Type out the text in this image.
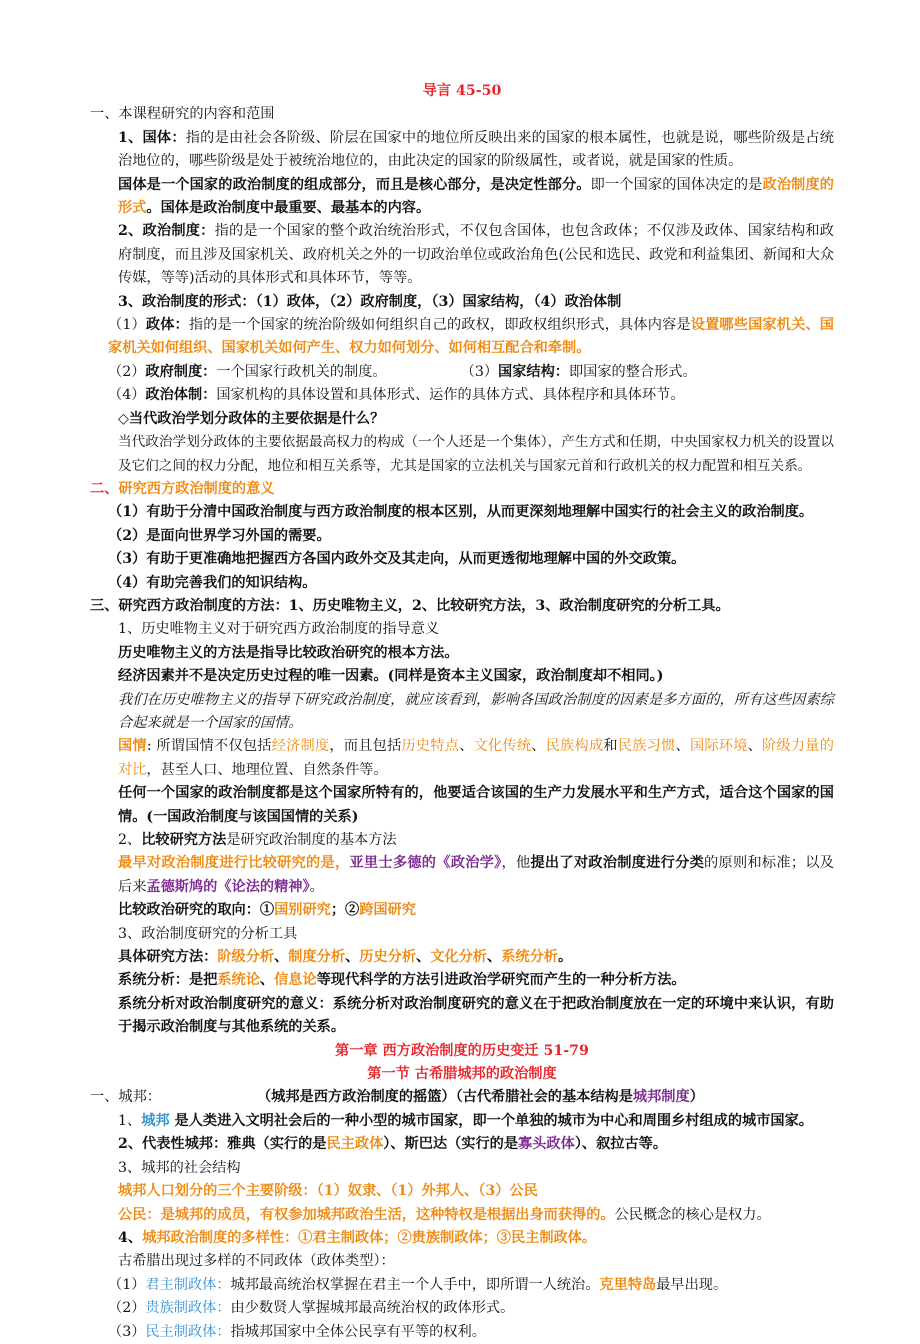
导言 45-50
一、本课程研究的内容和范围
1、国体：指的是由社会各阶级、阶层在国家中的地位所反映出来的国家的根本属性，也就是说，哪些阶级是占统治地位的，哪些阶级是处于被统治地位的，由此决定的国家的阶级属性，或者说，就是国家的性质。
国体是一个国家的政治制度的组成部分，而且是核心部分，是决定性部分。即一个国家的国体决定的是政治制度的形式。国体是政治制度中最重要、最基本的内容。
2、政治制度：指的是一个国家的整个政治统治形式，不仅包含国体，也包含政体；不仅涉及政体、国家结构和政府制度，而且涉及国家机关、政府机关之外的一切政治单位或政治角色(公民和选民、政党和利益集团、新闻和大众传媒，等等)活动的具体形式和具体环节，等等。
3、政治制度的形式：（1）政体，（2）政府制度，（3）国家结构，（4）政治体制
（1）政体：指的是一个国家的统治阶级如何组织自己的政权，即政权组织形式，具体内容是设置哪些国家机关、国家机关如何组织、国家机关如何产生、权力如何划分、如何相互配合和牵制。
（2）政府制度：一个国家行政机关的制度。	（3）国家结构：即国家的整合形式。
（4）政治体制：国家机构的具体设置和具体形式、运作的具体方式、具体程序和具体环节。
◇当代政治学划分政体的主要依据是什么？
当代政治学划分政体的主要依据最高权力的构成（一个人还是一个集体），产生方式和任期，中央国家权力机关的设置以及它们之间的权力分配，地位和相互关系等，尤其是国家的立法机关与国家元首和行政机关的权力配置和相互关系。
二、研究西方政治制度的意义
（1）有助于分清中国政治制度与西方政治制度的根本区别，从而更深刻地理解中国实行的社会主义的政治制度。
（2）是面向世界学习外国的需要。
（3）有助于更准确地把握西方各国内政外交及其走向，从而更透彻地理解中国的外交政策。
（4）有助完善我们的知识结构。
三、研究西方政治制度的方法：1、历史唯物主义，2、比较研究方法，3、政治制度研究的分析工具。
1、历史唯物主义对于研究西方政治制度的指导意义
历史唯物主义的方法是指导比较政治研究的根本方法。
经济因素并不是决定历史过程的唯一因素。(同样是资本主义国家，政治制度却不相同。)
我们在历史唯物主义的指导下研究政治制度，就应该看到，影响各国政治制度的因素是多方面的，所有这些因素综合起来就是一个国家的国情。
国情: 所谓国情不仅包括经济制度，而且包括历史特点、文化传统、民族构成和民族习惯、国际环境、阶级力量的对比，甚至人口、地理位置、自然条件等。
任何一个国家的政治制度都是这个国家所特有的，他要适合该国的生产力发展水平和生产方式，适合这个国家的国情。(一国政治制度与该国国情的关系)
2、比较研究方法是研究政治制度的基本方法
最早对政治制度进行比较研究的是，亚里士多德的《政治学》，他提出了对政治制度进行分类的原则和标准；以及后来孟德斯鸠的《论法的精神》。
比较政治研究的取向：①国别研究；②跨国研究
3、政治制度研究的分析工具
具体研究方法：阶级分析、制度分析、历史分析、文化分析、系统分析。
系统分析：是把系统论、信息论等现代科学的方法引进政治学研究而产生的一种分析方法。
系统分析对政治制度研究的意义：系统分析对政治制度研究的意义在于把政治制度放在一定的环境中来认识，有助于揭示政治制度与其他系统的关系。
第一章 西方政治制度的历史变迁 51-79
第一节 古希腊城邦的政治制度
一、城邦：	（城邦是西方政治制度的摇篮）（古代希腊社会的基本结构是城邦制度）
1、城邦 是人类进入文明社会后的一种小型的城市国家，即一个单独的城市为中心和周围乡村组成的城市国家。
2、代表性城邦：雅典（实行的是民主政体）、斯巴达（实行的是寡头政体）、叙拉古等。
3、城邦的社会结构
城邦人口划分的三个主要阶级：（1）奴隶、（1）外邦人、（3）公民
公民：是城邦的成员，有权参加城邦政治生活，这种特权是根据出身而获得的。公民概念的核心是权力。
4、城邦政治制度的多样性：①君主制政体；②贵族制政体；③民主制政体。
古希腊出现过多样的不同政体（政体类型）：
（1）君主制政体：城邦最高统治权掌握在君主一个人手中，即所谓一人统治。克里特岛最早出现。
（2）贵族制政体：由少数贤人掌握城邦最高统治权的政体形式。
（3）民主制政体：指城邦国家中全体公民享有平等的权利。
